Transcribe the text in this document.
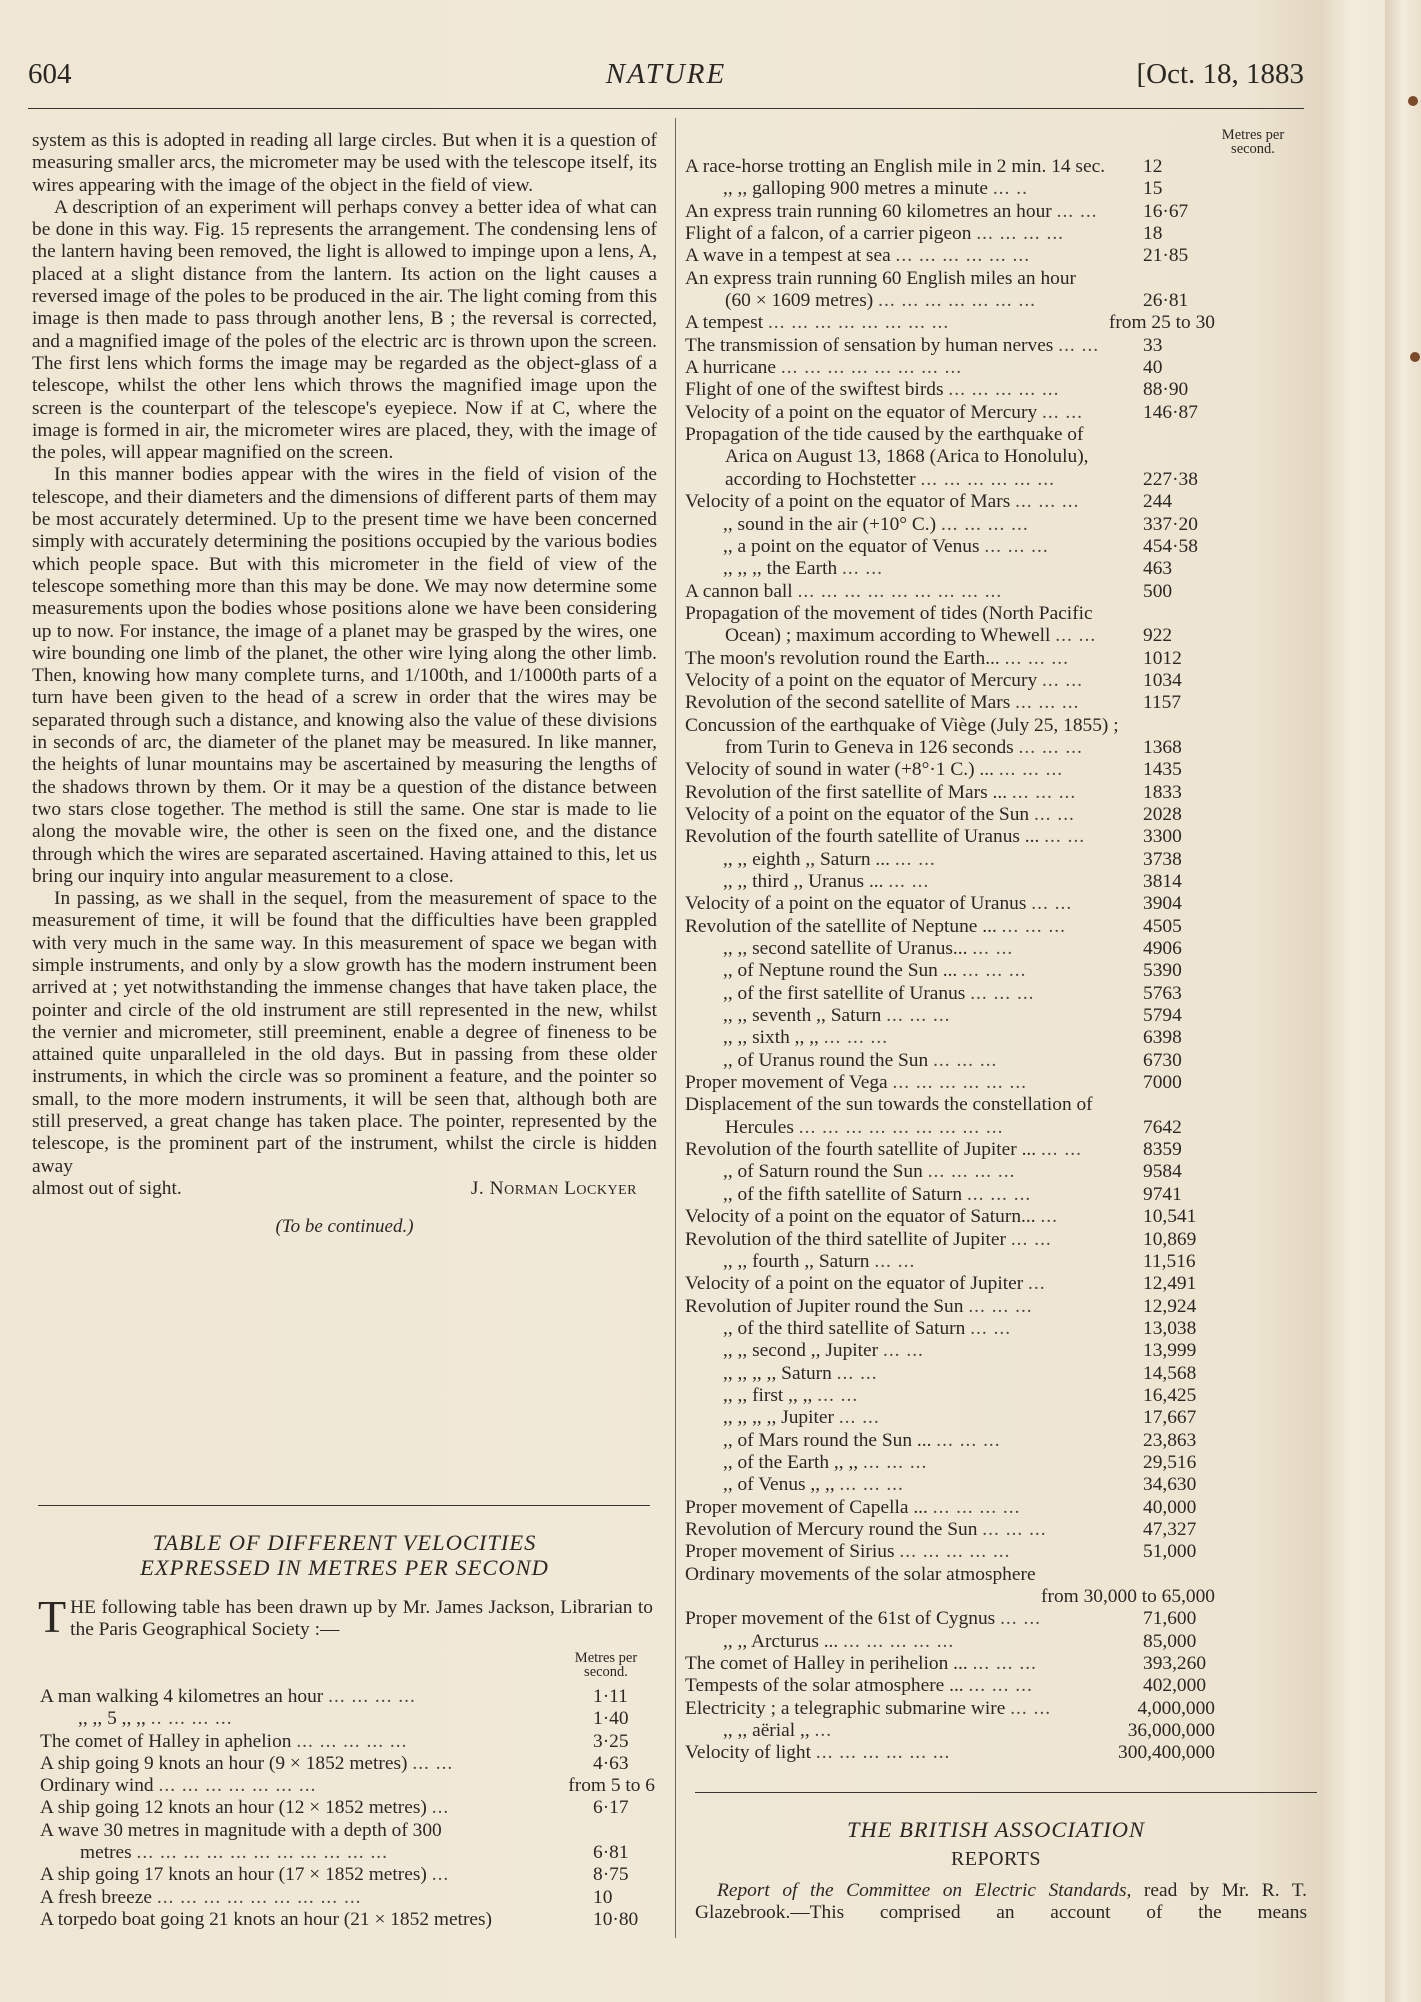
604	NATURE	[Oct. 18, 1883

system as this is adopted in reading all large circles. But when it is a question of measuring smaller arcs, the micrometer may be used with the telescope itself, its wires appearing with the image of the object in the field of view.

A description of an experiment will perhaps convey a better idea of what can be done in this way. Fig. 15 represents the arrangement. The condensing lens of the lantern having been removed, the light is allowed to impinge upon a lens, A, placed at a slight distance from the lantern. Its action on the light causes a reversed image of the poles to be produced in the air. The light coming from this image is then made to pass through another lens, B ; the reversal is corrected, and a magnified image of the poles of the electric arc is thrown upon the screen. The first lens which forms the image may be regarded as the object-glass of a telescope, whilst the other lens which throws the magnified image upon the screen is the counterpart of the telescope's eyepiece. Now if at C, where the image is formed in air, the micrometer wires are placed, they, with the image of the poles, will appear magnified on the screen.

In this manner bodies appear with the wires in the field of vision of the telescope, and their diameters and the dimensions of different parts of them may be most accurately determined. Up to the present time we have been concerned simply with accurately determining the positions occupied by the various bodies which people space. But with this micrometer in the field of view of the telescope something more than this may be done. We may now determine some measurements upon the bodies whose positions alone we have been considering up to now. For instance, the image of a planet may be grasped by the wires, one wire bounding one limb of the planet, the other wire lying along the other limb. Then, knowing how many complete turns, and 1/100th, and 1/1000th parts of a turn have been given to the head of a screw in order that the wires may be separated through such a distance, and knowing also the value of these divisions in seconds of arc, the diameter of the planet may be measured. In like manner, the heights of lunar mountains may be ascertained by measuring the lengths of the shadows thrown by them. Or it may be a question of the distance between two stars close together. The method is still the same. One star is made to lie along the movable wire, the other is seen on the fixed one, and the distance through which the wires are separated ascertained. Having attained to this, let us bring our inquiry into angular measurement to a close.

In passing, as we shall in the sequel, from the measurement of space to the measurement of time, it will be found that the difficulties have been grappled with very much in the same way. In this measurement of space we began with simple instruments, and only by a slow growth has the modern instrument been arrived at ; yet notwithstanding the immense changes that have taken place, the pointer and circle of the old instrument are still represented in the new, whilst the vernier and micrometer, still preeminent, enable a degree of fineness to be attained quite unparalleled in the old days. But in passing from these older instruments, in which the circle was so prominent a feature, and the pointer so small, to the more modern instruments, it will be seen that, although both are still preserved, a great change has taken place. The pointer, represented by the telescope, is the prominent part of the instrument, whilst the circle is hidden away

almost out of sight.	J. Norman Lockyer
(To be continued.)
TABLE OF DIFFERENT VELOCITIES
EXPRESSED IN METRES PER SECOND
T HE following table has been drawn up by Mr. James Jackson, Librarian to the Paris Geographical Society :—

Metres per
second.
A man walking 4 kilometres an hour ... ... ... ...	1·11
,, ,, 5 ,, ,, .. ... ... ...	1·40
The comet of Halley in aphelion ... ... ... ... ...	3·25
A ship going 9 knots an hour (9 × 1852 metres) ... ...	4·63
Ordinary wind ... ... ... ... ... ... ...	from 5 to 6
A ship going 12 knots an hour (12 × 1852 metres) ...	6·17
A wave 30 metres in magnitude with a depth of 300
metres ... ... ... ... ... ... ... ... ... ... ...	6·81
A ship going 17 knots an hour (17 × 1852 metres) ...	8·75
A fresh breeze ... ... ... ... ... ... ... ... ...	10
A torpedo boat going 21 knots an hour (21 × 1852 metres)	10·80
Metres per
second.
A race-horse trotting an English mile in 2 min. 14 sec.	12
,, ,, galloping 900 metres a minute ... ..	15
An express train running 60 kilometres an hour ... ...	16·67
Flight of a falcon, of a carrier pigeon ... ... ... ...	18
A wave in a tempest at sea ... ... ... ... ... ...	21·85
An express train running 60 English miles an hour
(60 × 1609 metres) ... ... ... ... ... ... ...	26·81
A tempest ... ... ... ... ... ... ... ...	from 25 to 30
The transmission of sensation by human nerves ... ...	33
A hurricane ... ... ... ... ... ... ... ...	40
Flight of one of the swiftest birds ... ... ... ... ...	88·90
Velocity of a point on the equator of Mercury ... ...	146·87
Propagation of the tide caused by the earthquake of
Arica on August 13, 1868 (Arica to Honolulu),
according to Hochstetter ... ... ... ... ... ...	227·38
Velocity of a point on the equator of Mars ... ... ...	244
,, sound in the air (+10° C.) ... ... ... ...	337·20
,, a point on the equator of Venus ... ... ...	454·58
,, ,, ,, the Earth ... ...	463
A cannon ball ... ... ... ... ... ... ... ... ...	500
Propagation of the movement of tides (North Pacific
Ocean) ; maximum according to Whewell ... ...	922
The moon's revolution round the Earth... ... ... ...	1012
Velocity of a point on the equator of Mercury ... ...	1034
Revolution of the second satellite of Mars ... ... ...	1157
Concussion of the earthquake of Viège (July 25, 1855) ;
from Turin to Geneva in 126 seconds ... ... ...	1368
Velocity of sound in water (+8°·1 C.) ... ... ... ...	1435
Revolution of the first satellite of Mars ... ... ... ...	1833
Velocity of a point on the equator of the Sun ... ...	2028
Revolution of the fourth satellite of Uranus ... ... ...	3300
,, ,, eighth ,, Saturn ... ... ...	3738
,, ,, third ,, Uranus ... ... ...	3814
Velocity of a point on the equator of Uranus ... ...	3904
Revolution of the satellite of Neptune ... ... ... ...	4505
,, ,, second satellite of Uranus... ... ...	4906
,, of Neptune round the Sun ... ... ... ...	5390
,, of the first satellite of Uranus ... ... ...	5763
,, ,, seventh ,, Saturn ... ... ...	5794
,, ,, sixth ,, ,, ... ... ...	6398
,, of Uranus round the Sun ... ... ...	6730
Proper movement of Vega ... ... ... ... ... ...	7000
Displacement of the sun towards the constellation of
Hercules ... ... ... ... ... ... ... ... ...	7642
Revolution of the fourth satellite of Jupiter ... ... ...	8359
,, of Saturn round the Sun ... ... ... ...	9584
,, of the fifth satellite of Saturn ... ... ...	9741
Velocity of a point on the equator of Saturn... ...	10,541
Revolution of the third satellite of Jupiter ... ...	10,869
,, ,, fourth ,, Saturn ... ...	11,516
Velocity of a point on the equator of Jupiter ...	12,491
Revolution of Jupiter round the Sun ... ... ...	12,924
,, of the third satellite of Saturn ... ...	13,038
,, ,, second ,, Jupiter ... ...	13,999
,, ,, ,, ,, Saturn ... ...	14,568
,, ,, first ,, ,, ... ...	16,425
,, ,, ,, ,, Jupiter ... ...	17,667
,, of Mars round the Sun ... ... ... ...	23,863
,, of the Earth ,, ,, ... ... ...	29,516
,, of Venus ,, ,, ... ... ...	34,630
Proper movement of Capella ... ... ... ... ...	40,000
Revolution of Mercury round the Sun ... ... ...	47,327
Proper movement of Sirius ... ... ... ... ...	51,000
Ordinary movements of the solar atmosphere
from 30,000 to 65,000
Proper movement of the 61st of Cygnus ... ...	71,600
,, ,, Arcturus ... ... ... ... ... ...	85,000
The comet of Halley in perihelion ... ... ... ...	393,260
Tempests of the solar atmosphere ... ... ... ...	402,000
Electricity ; a telegraphic submarine wire ... ...	4,000,000
,, ,, aërial ,, ...	36,000,000
Velocity of light ... ... ... ... ... ...	300,400,000
THE BRITISH ASSOCIATION
REPORTS

Report of the Committee on Electric Standards, read by Mr. R. T. Glazebrook.—This comprised an account of the means
